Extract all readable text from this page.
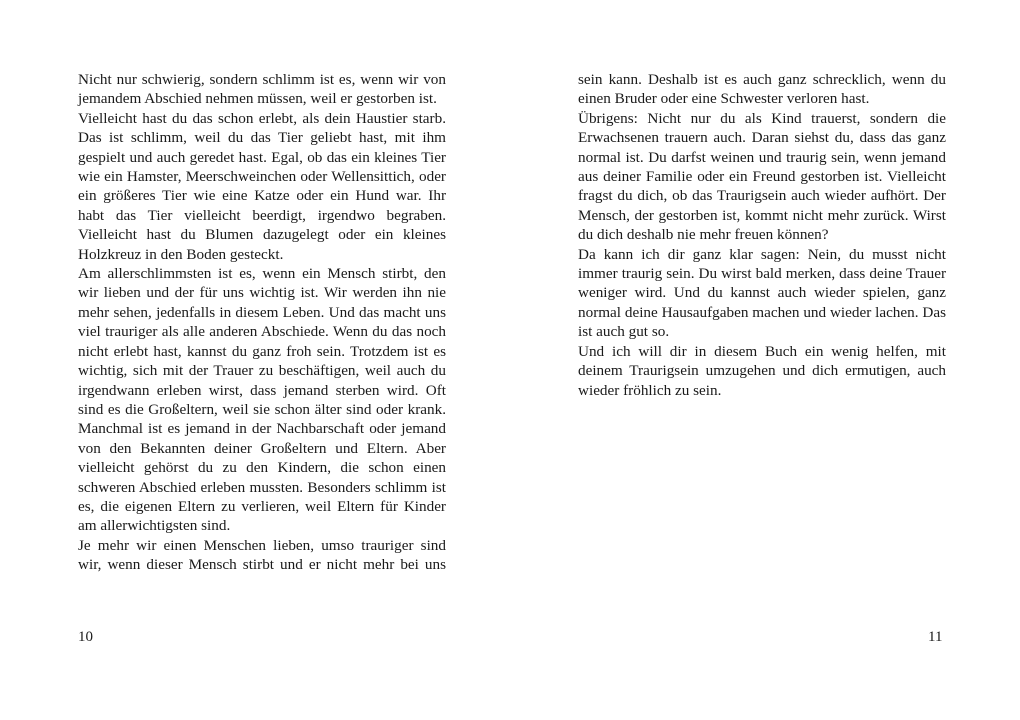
Nicht nur schwierig, sondern schlimm ist es, wenn wir von jemandem Abschied nehmen müssen, weil er gestorben ist.

Vielleicht hast du das schon erlebt, als dein Haustier starb. Das ist schlimm, weil du das Tier geliebt hast, mit ihm gespielt und auch geredet hast. Egal, ob das ein kleines Tier wie ein Hamster, Meerschweinchen oder Wellensittich, oder ein größeres Tier wie eine Katze oder ein Hund war. Ihr habt das Tier vielleicht beerdigt, irgendwo begraben. Vielleicht hast du Blumen dazugelegt oder ein kleines Holzkreuz in den Boden gesteckt.

Am allerschlimmsten ist es, wenn ein Mensch stirbt, den wir lieben und der für uns wichtig ist. Wir werden ihn nie mehr sehen, jedenfalls in diesem Leben. Und das macht uns viel trauriger als alle anderen Abschiede. Wenn du das noch nicht erlebt hast, kannst du ganz froh sein. Trotzdem ist es wichtig, sich mit der Trauer zu beschäftigen, weil auch du irgendwann erleben wirst, dass jemand sterben wird. Oft sind es die Großeltern, weil sie schon älter sind oder krank. Manchmal ist es jemand in der Nachbarschaft oder jemand von den Bekannten deiner Großeltern und Eltern. Aber vielleicht gehörst du zu den Kindern, die schon einen schweren Abschied erleben mussten. Besonders schlimm ist es, die eigenen Eltern zu verlieren, weil Eltern für Kinder am allerwichtigsten sind.

Je mehr wir einen Menschen lieben, umso trauriger sind wir, wenn dieser Mensch stirbt und er nicht mehr bei uns

10

sein kann. Deshalb ist es auch ganz schrecklich, wenn du einen Bruder oder eine Schwester verloren hast.

Übrigens: Nicht nur du als Kind trauerst, sondern die Erwachsenen trauern auch. Daran siehst du, dass das ganz normal ist. Du darfst weinen und traurig sein, wenn jemand aus deiner Familie oder ein Freund gestorben ist. Vielleicht fragst du dich, ob das Traurigsein auch wieder aufhört. Der Mensch, der gestorben ist, kommt nicht mehr zurück. Wirst du dich deshalb nie mehr freuen können?

Da kann ich dir ganz klar sagen: Nein, du musst nicht immer traurig sein. Du wirst bald merken, dass deine Trauer weniger wird. Und du kannst auch wieder spielen, ganz normal deine Hausaufgaben machen und wieder lachen. Das ist auch gut so.

Und ich will dir in diesem Buch ein wenig helfen, mit deinem Traurigsein umzugehen und dich ermutigen, auch wieder fröhlich zu sein.

11
